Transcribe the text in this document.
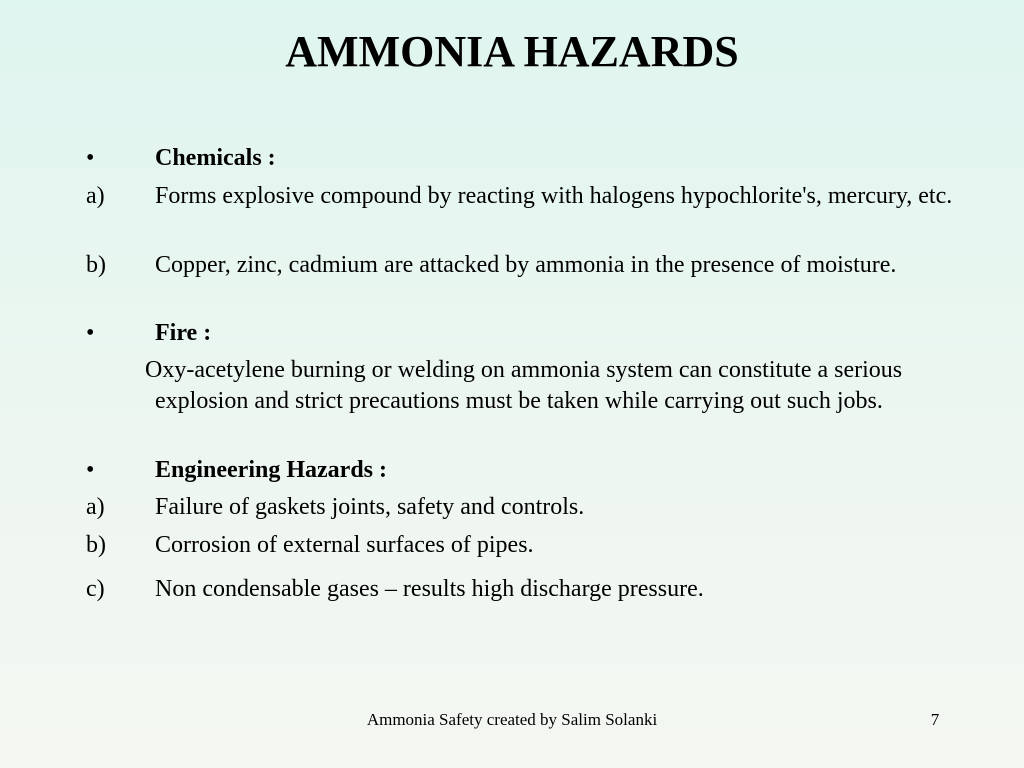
AMMONIA HAZARDS
•	Chemicals :
a) Forms explosive compound by reacting with halogens hypochlorite's, mercury, etc.
b) Copper, zinc, cadmium are attacked by ammonia in the presence of moisture.
•	Fire :
Oxy-acetylene burning or welding on ammonia system can constitute a serious explosion and strict precautions must be taken while carrying out such jobs.
•	Engineering Hazards :
a) Failure of gaskets joints, safety and controls.
b) Corrosion of external surfaces of pipes.
c) Non condensable gases – results high discharge pressure.
Ammonia Safety created by Salim Solanki	7
